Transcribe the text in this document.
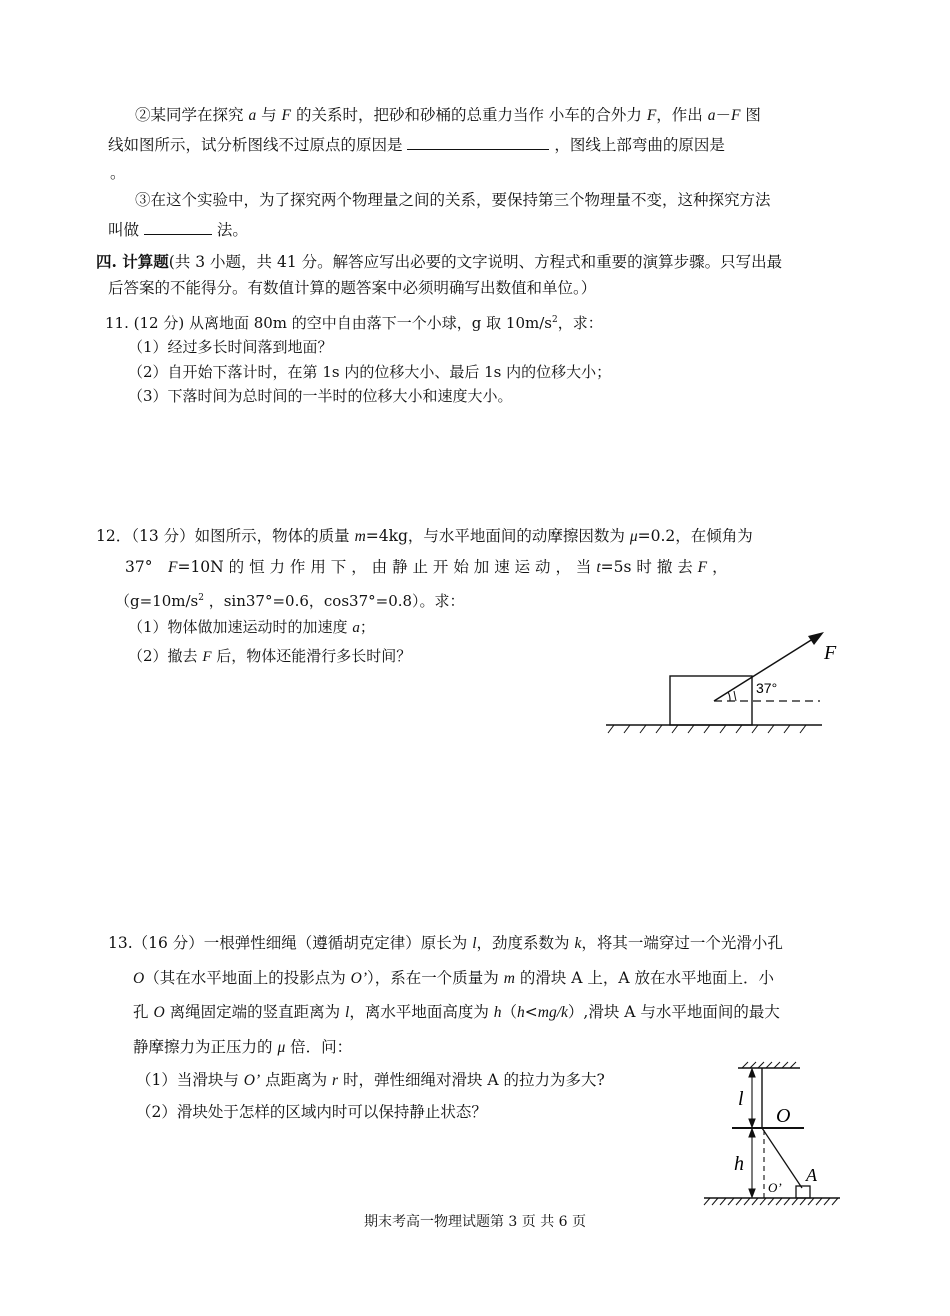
②某同学在探究 a 与 F 的关系时，把砂和砂桶的总重力当作 小车的合外力 F，作出 a－F 图
线如图所示，试分析图线不过原点的原因是	，图线上部弯曲的原因是
。
③在这个实验中，为了探究两个物理量之间的关系，要保持第三个物理量不变，这种探究方法
叫做	法。
四. 计算题(共 3 小题，共 41 分。解答应写出必要的文字说明、方程式和重要的演算步骤。只写出最
后答案的不能得分。有数值计算的题答案中必须明确写出数值和单位。）
11. (12 分) 从离地面 80m 的空中自由落下一个小球，g 取 $10m/s^2$，求：
（1）经过多长时间落到地面？
（2）自开始下落计时，在第 1s 内的位移大小、最后 1s 内的位移大小；
（3）下落时间为总时间的一半时的位移大小和速度大小。
12．（13 分）如图所示，物体的质量 m=4kg，与水平地面间的动摩擦因数为 μ=0.2，在倾角为
37°　F=10N 的 恒 力 作 用 下 ， 由 静 止 开 始 加 速 运 动 ， 当 t=5s 时 撤 去 F ，
（$g=10m/s^2$ ，sin37°=0.6，cos37°=0.8）。求：
（1）物体做加速运动时的加速度 a；
（2）撤去 F 后，物体还能滑行多长时间？
37°
F
13.（16 分）一根弹性细绳（遵循胡克定律）原长为 l，劲度系数为 k，将其一端穿过一个光滑小孔
O（其在水平地面上的投影点为 O’），系在一个质量为 m 的滑块 A 上，A 放在水平地面上．小
孔 O 离绳固定端的竖直距离为 l，离水平地面高度为 h（h<mg/k）,滑块 A 与水平地面间的最大
静摩擦力为正压力的 μ 倍．问：
（1）当滑块与 O’ 点距离为 r 时，弹性细绳对滑块 A 的拉力为多大?
（2）滑块处于怎样的区域内时可以保持静止状态？
l
O
h
O’
A
期末考高一物理试题第 3 页 共 6 页
